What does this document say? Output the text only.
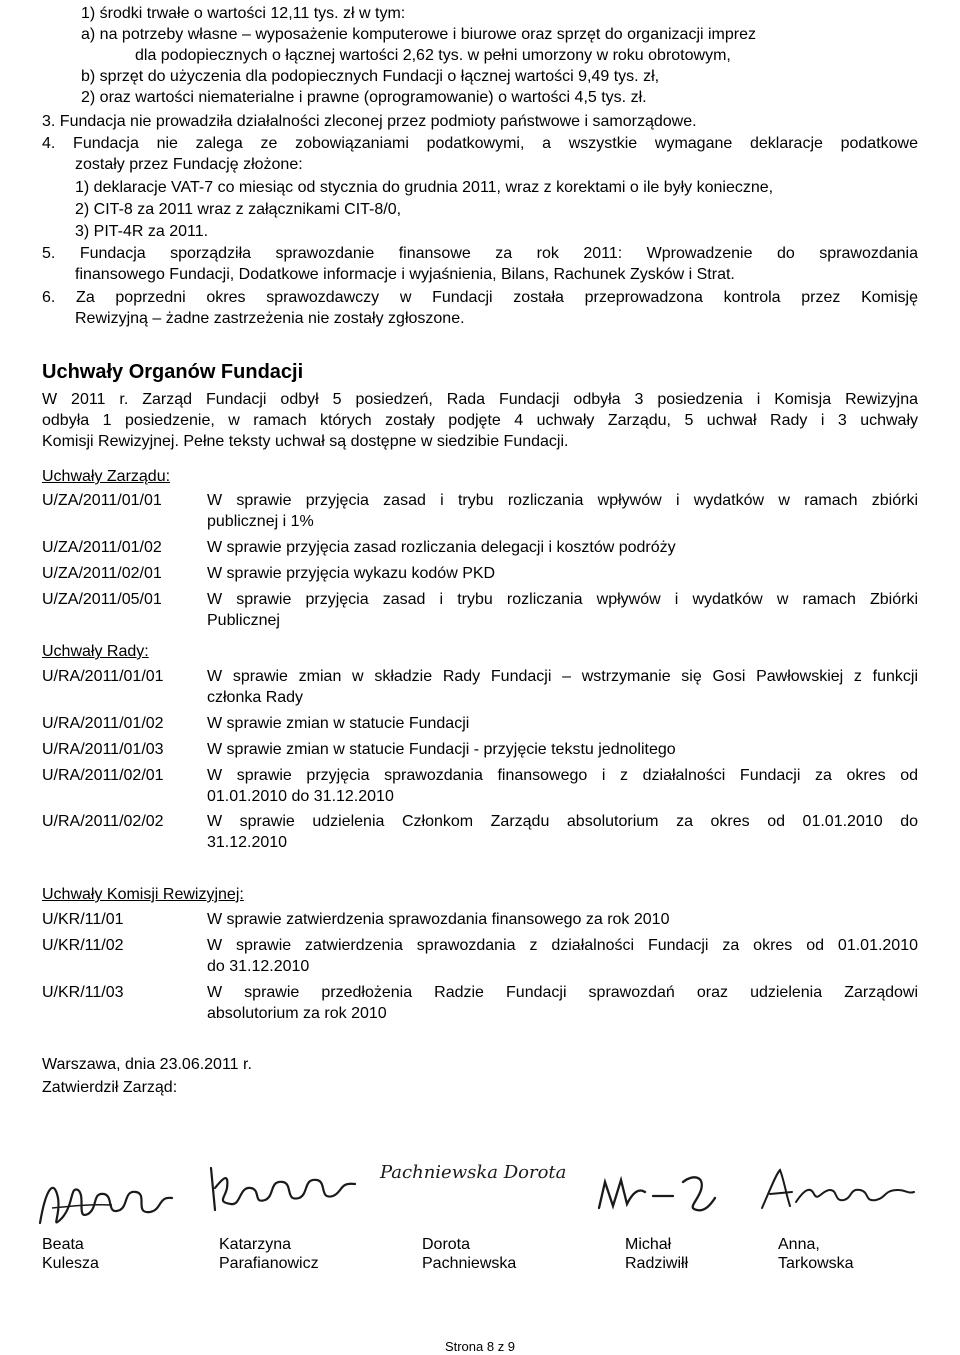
1) środki trwałe o wartości 12,11 tys. zł w tym:

a) na potrzeby własne – wyposażenie komputerowe i biurowe oraz sprzęt do organizacji imprez

dla podopiecznych o łącznej wartości 2,62 tys. w pełni umorzony w roku obrotowym,

b) sprzęt do użyczenia dla podopiecznych Fundacji o łącznej wartości 9,49 tys. zł,

2) oraz wartości niematerialne i prawne (oprogramowanie) o wartości 4,5 tys. zł.

3. Fundacja nie prowadziła działalności zleconej przez podmioty państwowe i samorządowe.

4. Fundacja nie zalega ze zobowiązaniami podatkowymi, a wszystkie wymagane deklaracje podatkowe

zostały przez Fundację złożone:

1) deklaracje VAT-7 co miesiąc od stycznia do grudnia 2011, wraz z korektami o ile były konieczne,

2) CIT-8 za 2011 wraz z załącznikami CIT-8/0,

3) PIT-4R za 2011.

5. Fundacja sporządziła sprawozdanie finansowe za rok 2011: Wprowadzenie do sprawozdania

finansowego Fundacji, Dodatkowe informacje i wyjaśnienia, Bilans, Rachunek Zysków i Strat.

6. Za poprzedni okres sprawozdawczy w Fundacji została przeprowadzona kontrola przez Komisję

Rewizyjną – żadne zastrzeżenia nie zostały zgłoszone.

Uchwały Organów Fundacji

W 2011 r. Zarząd Fundacji odbył 5 posiedzeń, Rada Fundacji odbyła 3 posiedzenia i Komisja Rewizyjna

odbyła 1 posiedzenie, w ramach których zostały podjęte 4 uchwały Zarządu, 5 uchwał Rady i 3 uchwały

Komisji Rewizyjnej. Pełne teksty uchwał są dostępne w siedzibie Fundacji.

Uchwały Zarządu:

U/ZA/2011/01/01	W sprawie przyjęcia zasad i trybu rozliczania wpływów i wydatków w ramach zbiórki

publicznej i 1%

U/ZA/2011/01/02	W sprawie przyjęcia zasad rozliczania delegacji i kosztów podróży

U/ZA/2011/02/01	W sprawie przyjęcia wykazu kodów PKD

U/ZA/2011/05/01	W sprawie przyjęcia zasad i trybu rozliczania wpływów i wydatków w ramach Zbiórki

Publicznej

Uchwały Rady:

U/RA/2011/01/01	W sprawie zmian w składzie Rady Fundacji – wstrzymanie się Gosi Pawłowskiej z funkcji

członka Rady

U/RA/2011/01/02	W sprawie zmian w statucie Fundacji

U/RA/2011/01/03	W sprawie zmian w statucie Fundacji - przyjęcie tekstu jednolitego

U/RA/2011/02/01	W sprawie przyjęcia sprawozdania finansowego i z działalności Fundacji za okres od

01.01.2010 do 31.12.2010

U/RA/2011/02/02	W sprawie udzielenia Członkom Zarządu absolutorium za okres od 01.01.2010 do

31.12.2010

Uchwały Komisji Rewizyjnej:

U/KR/11/01	W sprawie zatwierdzenia sprawozdania finansowego za rok 2010

U/KR/11/02	W sprawie zatwierdzenia sprawozdania z działalności Fundacji za okres od 01.01.2010

do 31.12.2010

U/KR/11/03	W sprawie przedłożenia Radzie Fundacji sprawozdań oraz udzielenia Zarządowi

absolutorium za rok 2010

Warszawa, dnia 23.06.2011 r.

Zatwierdził Zarząd:

Pachniewska Dorota

Beata

Kulesza

Katarzyna

Parafianowicz

Dorota

Pachniewska

Michał

Radziwiłł

Anna,

Tarkowska

Strona 8 z 9
